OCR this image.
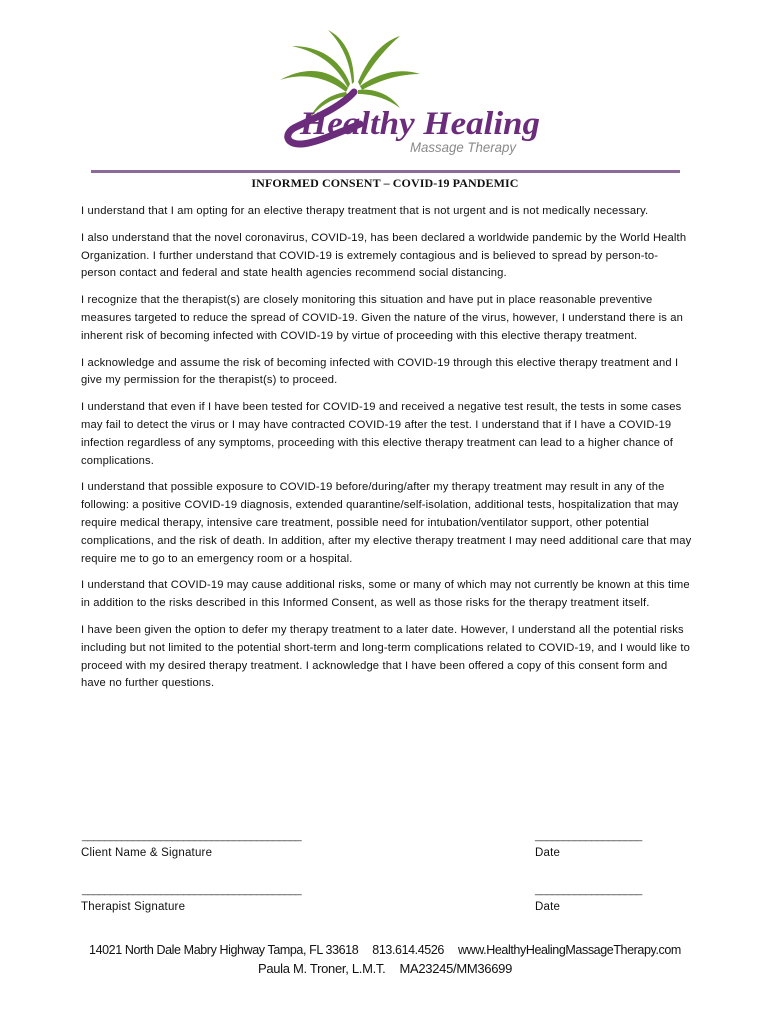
Healthy Healing
Massage Therapy
INFORMED CONSENT – COVID-19 PANDEMIC

I understand that I am opting for an elective therapy treatment that is not urgent and is not medically necessary.

I also understand that the novel coronavirus, COVID-19, has been declared a worldwide pandemic by the World Health Organization. I further understand that COVID-19 is extremely contagious and is believed to spread by person-to-person contact and federal and state health agencies recommend social distancing.

I recognize that the therapist(s) are closely monitoring this situation and have put in place reasonable preventive measures targeted to reduce the spread of COVID-19. Given the nature of the virus, however, I understand there is an inherent risk of becoming infected with COVID-19 by virtue of proceeding with this elective therapy treatment.

I acknowledge and assume the risk of becoming infected with COVID-19 through this elective therapy treatment and I give my permission for the therapist(s) to proceed.

I understand that even if I have been tested for COVID-19 and received a negative test result, the tests in some cases may fail to detect the virus or I may have contracted COVID-19 after the test. I understand that if I have a COVID-19 infection regardless of any symptoms, proceeding with this elective therapy treatment can lead to a higher chance of complications.

I understand that possible exposure to COVID-19 before/during/after my therapy treatment may result in any of the following: a positive COVID-19 diagnosis, extended quarantine/self-isolation, additional tests, hospitalization that may require medical therapy, intensive care treatment, possible need for intubation/ventilator support, other potential complications, and the risk of death. In addition, after my elective therapy treatment I may need additional care that may require me to go to an emergency room or a hospital.

I understand that COVID-19 may cause additional risks, some or many of which may not currently be known at this time in addition to the risks described in this Informed Consent, as well as those risks for the therapy treatment itself.

I have been given the option to defer my therapy treatment to a later date. However, I understand all the potential risks including but not limited to the potential short-term and long-term complications related to COVID-19, and I would like to proceed with my desired therapy treatment. I acknowledge that I have been offered a copy of this consent form and have no further questions.

_______________________________________
Client Name & Signature
___________________
Date
_______________________________________
Therapist Signature
___________________
Date
14021 North Dale Mabry Highway Tampa, FL 33618 813.614.4526 www.HealthyHealingMassageTherapy.com
Paula M. Troner, L.M.T. MA23245/MM36699
